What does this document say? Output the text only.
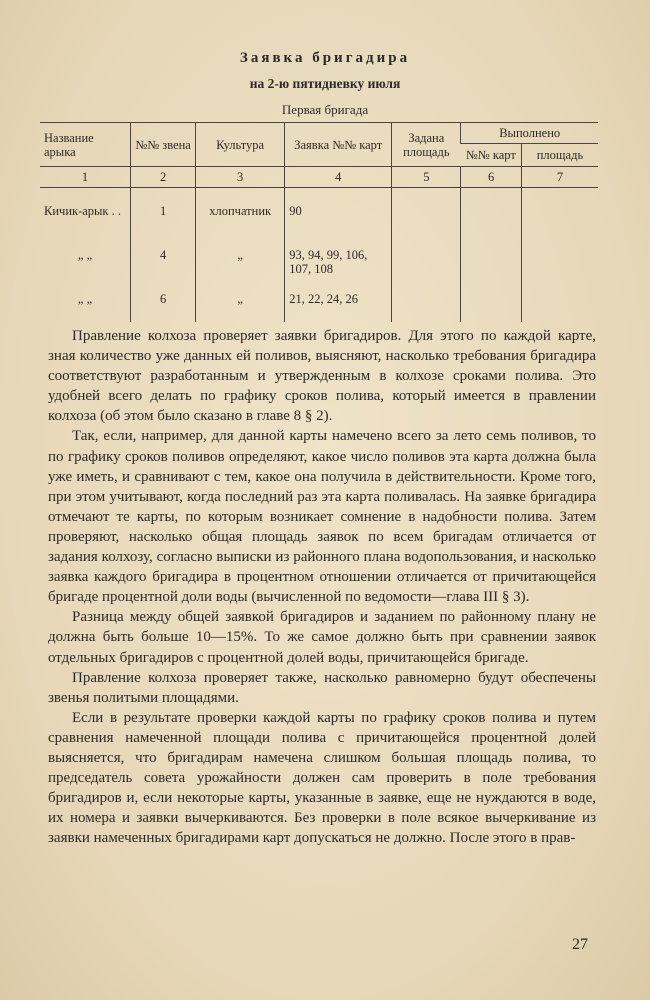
Заявка бригадира
на 2-ю пятидневку июля
Первая бригада
Название арыка	№№ звена	Культура	Заявка №№ карт	Задана площадь	Выполнено	
					№№ карт	площадь
1	2	3	4	5	6	7

Кичик-арык . .	1	хлопчатник	90			
„ „	4	„	93, 94, 99, 106, 107, 108			
„ „	6	„	21, 22, 24, 26			

Правление колхоза проверяет заявки бригадиров. Для этого по каждой карте, зная количество уже данных ей поливов, выясняют, насколько требования бригадира соответствуют разработанным и утвержденным в колхозе сроками полива. Это удобней всего делать по графику сроков полива, который имеется в правлении колхоза (об этом было сказано в главе 8 § 2).

Так, если, например, для данной карты намечено всего за лето семь поливов, то по графику сроков поливов определяют, какое число поливов эта карта должна была уже иметь, и сравнивают с тем, какое она получила в действительности. Кроме того, при этом учитывают, когда последний раз эта карта поливалась. На заявке бригадира отмечают те карты, по которым возникает сомнение в надобности полива. Затем проверяют, насколько общая площадь заявок по всем бригадам отличается от задания колхозу, согласно выписки из районного плана водопользования, и насколько заявка каждого бригадира в процентном отношении отличается от причитающейся бригаде процентной доли воды (вычисленной по ведомости—глава III § 3).

Разница между общей заявкой бригадиров и заданием по районному плану не должна быть больше 10—15%. То же самое должно быть при сравнении заявок отдельных бригадиров с процентной долей воды, причитающейся бригаде.

Правление колхоза проверяет также, насколько равномерно будут обеспечены звенья политыми площадями.

Если в результате проверки каждой карты по графику сроков полива и путем сравнения намеченной площади полива с причитающейся процентной долей выясняется, что бригадирам намечена слишком большая площадь полива, то председатель совета урожайности должен сам проверить в поле требования бригадиров и, если некоторые карты, указанные в заявке, еще не нуждаются в воде, их номера и заявки вычеркиваются. Без проверки в поле всякое вычеркивание из заявки намеченных бригадирами карт допускаться не должно. После этого в прав-

27
